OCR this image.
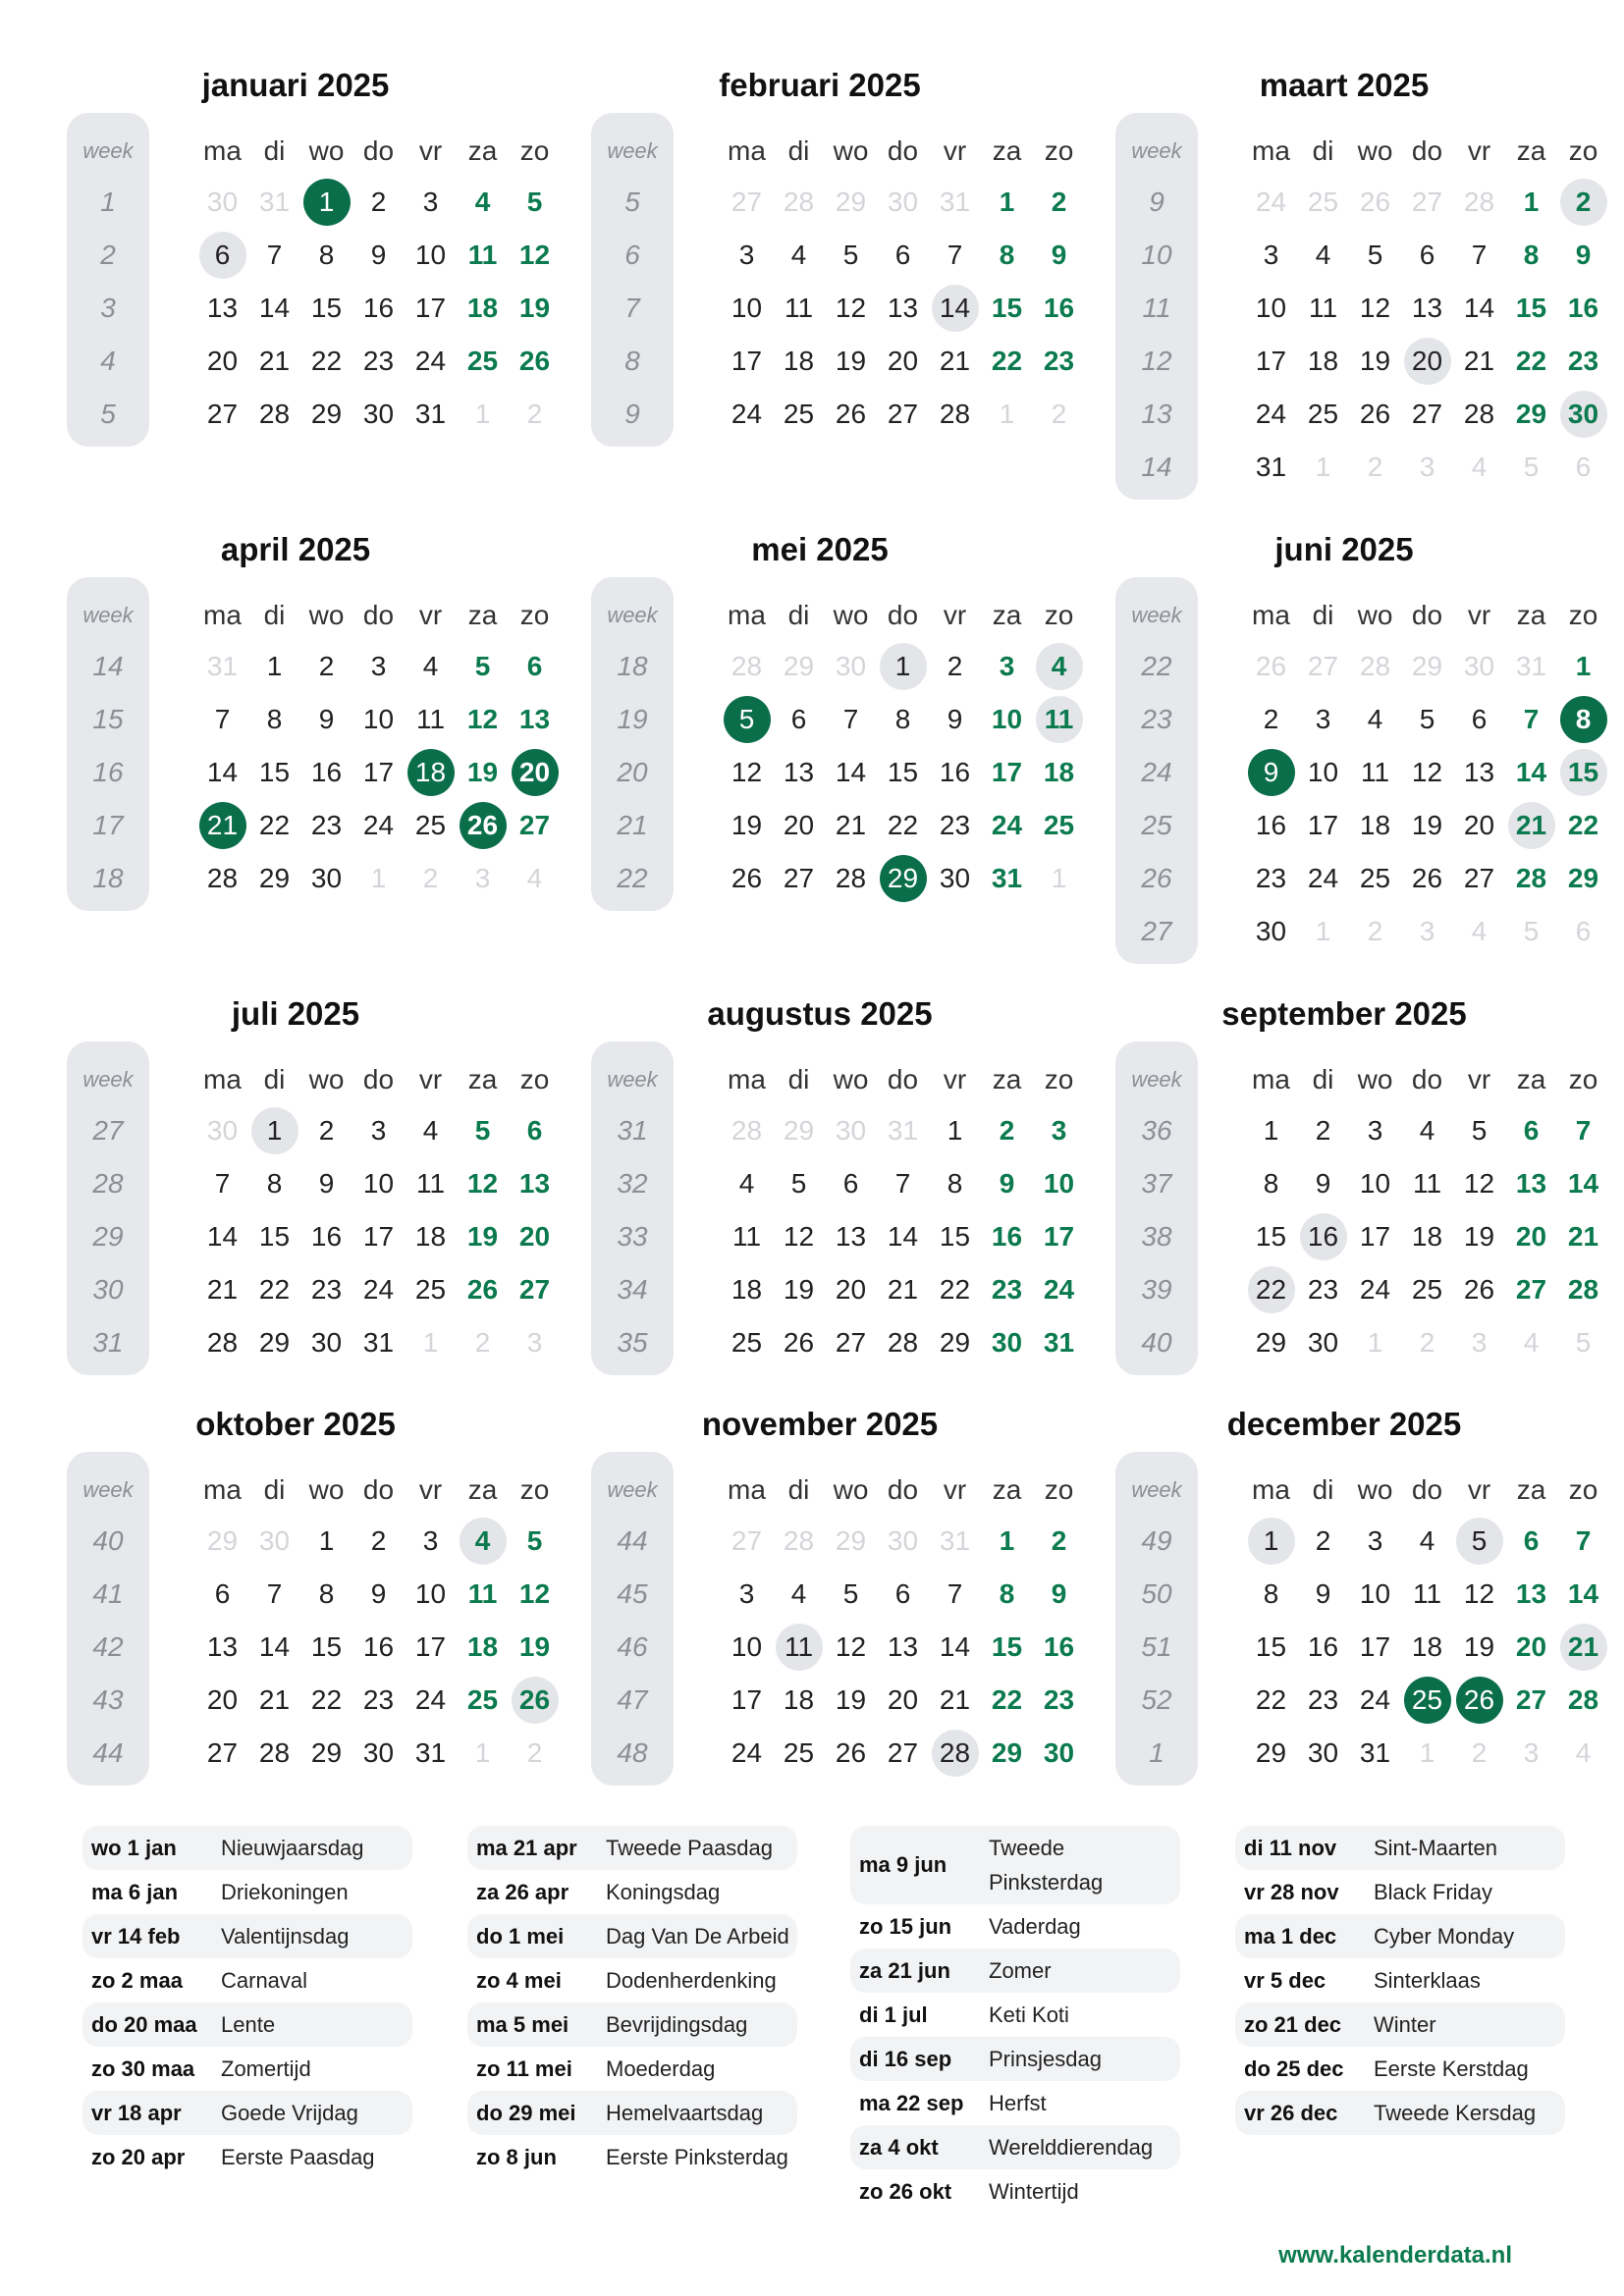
januari 2025
week	ma di wo do vr za zo
1	30 31	1	2	3	4	5
2	6	7	8	9	10 11 12
3	13 14 15 16 17 18 19
4	20 21 22 23 24 25 26
5	27 28 29 30 31	1	2
februari 2025
week	ma di wo do vr za zo
5	27 28 29 30 31	1	2
6	3	4	5	6	7	8	9
7	10 11 12 13 14 15 16
8	17 18 19 20 21 22 23
9	24 25 26 27 28	1	2
maart 2025
week	ma di wo do vr za zo
9	24 25 26 27 28	1	2
10	3	4	5	6	7	8	9
11	10 11 12 13 14 15 16
12	17 18 19 20 21 22 23
13	24 25 26 27 28 29 30
14	31	1	2	3	4	5	6
april 2025
week	ma di wo do vr za zo
14	31	1	2	3	4	5	6
15	7	8	9	10 11 12 13
16	14 15 16 17 18 19 20
17	21 22 23 24 25 26 27
18	28 29 30	1	2	3	4
mei 2025
week	ma di wo do vr za zo
18	28 29 30	1	2	3	4
19	5	6	7	8	9	10 11
20	12 13 14 15 16 17 18
21	19 20 21 22 23 24 25
22	26 27 28 29 30 31	1
juni 2025
week	ma di wo do vr za zo
22	26 27 28 29 30 31	1
23	2	3	4	5	6	7	8
24	9	10 11 12 13 14 15
25	16 17 18 19 20 21 22
26	23 24 25 26 27 28 29
27	30	1	2	3	4	5	6
juli 2025
week	ma di wo do vr za zo
27	30	1	2	3	4	5	6
28	7	8	9	10 11 12 13
29	14 15 16 17 18 19 20
30	21 22 23 24 25 26 27
31	28 29 30 31	1	2	3
augustus 2025
week	ma di wo do vr za zo
31	28 29 30 31	1	2	3
32	4	5	6	7	8	9	10
33	11 12 13 14 15 16 17
34	18 19 20 21 22 23 24
35	25 26 27 28 29 30 31
september 2025
week	ma di wo do vr za zo
36	1	2	3	4	5	6	7
37	8	9	10 11 12 13 14
38	15 16 17 18 19 20 21
39	22 23 24 25 26 27 28
40	29 30	1	2	3	4	5
oktober 2025
week	ma di wo do vr za zo
40	29 30	1	2	3	4	5
41	6	7	8	9	10 11 12
42	13 14 15 16 17 18 19
43	20 21 22 23 24 25 26
44	27 28 29 30 31	1	2
november 2025
week	ma di wo do vr za zo
44	27 28 29 30 31	1	2
45	3	4	5	6	7	8	9
46	10 11 12 13 14 15 16
47	17 18 19 20 21 22 23
48	24 25 26 27 28 29 30
december 2025
week	ma di wo do vr za zo
49	1	2	3	4	5	6	7
50	8	9	10 11 12 13 14
51	15 16 17 18 19 20 21
52	22 23 24 25 26 27 28
1	29 30 31	1	2	3	4
wo 1 jan	Nieuwjaarsdag
ma 6 jan	Driekoningen
vr 14 feb	Valentijnsdag
zo 2 maa	Carnaval
do 20 maa	Lente
zo 30 maa	Zomertijd
vr 18 apr	Goede Vrijdag
zo 20 apr	Eerste Paasdag
ma 21 apr	Tweede Paasdag
za 26 apr	Koningsdag
do 1 mei	Dag Van De Arbeid
zo 4 mei	Dodenherdenking
ma 5 mei	Bevrijdingsdag
zo 11 mei	Moederdag
do 29 mei	Hemelvaartsdag
zo 8 jun	Eerste Pinksterdag
ma 9 jun
Tweede Pinksterdag
zo 15 jun	Vaderdag
za 21 jun	Zomer
di 1 jul	Keti Koti
di 16 sep	Prinsjesdag
ma 22 sep	Herfst
za 4 okt	Werelddierendag
zo 26 okt	Wintertijd
di 11 nov	Sint-Maarten
vr 28 nov	Black Friday
ma 1 dec	Cyber Monday
vr 5 dec	Sinterklaas
zo 21 dec	Winter
do 25 dec	Eerste Kerstdag
vr 26 dec	Tweede Kersdag
www.kalenderdata.nl
